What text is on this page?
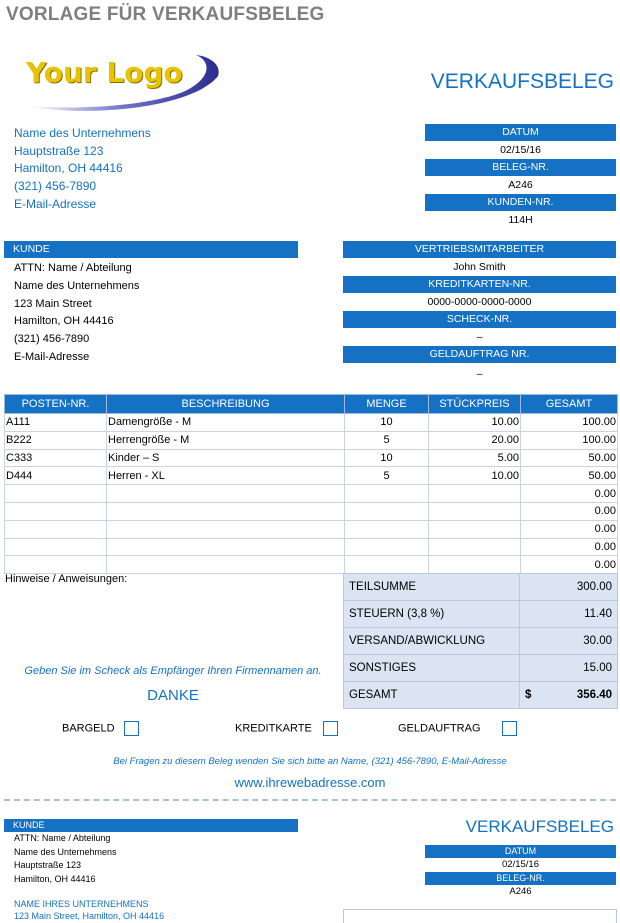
VORLAGE FÜR VERKAUFSBELEG
Your Logo	VERKAUFSBELEG
Name des Unternehmens
Hauptstraße 123
Hamilton, OH 44416
(321) 456-7890
E-Mail-Adresse
DATUM
02/15/16
BELEG-NR.
A246
KUNDEN-NR.
114H
KUNDE
ATTN: Name / Abteilung
Name des Unternehmens
123 Main Street
Hamilton, OH 44416
(321) 456-7890
E-Mail-Adresse
VERTRIEBSMITARBEITER
John Smith
KREDITKARTEN-NR.
0000-0000-0000-0000
SCHECK-NR.
–
GELDAUFTRAG NR.
–
POSTEN-NR.	BESCHREIBUNG	MENGE	STÜCKPREIS	GESAMT
A111	Damengröße - M	10	10.00	100.00
B222	Herrengröße - M	5	20.00	100.00
C333	Kinder – S	10	5.00	50.00
D444	Herren - XL	5	10.00	50.00
				0.00
				0.00
				0.00
				0.00
				0.00
Hinweise / Anweisungen:
Geben Sie im Scheck als Empfänger Ihren Firmennamen an.
DANKE
TEILSUMME	300.00
STEUERN (3,8 %)	11.40
VERSAND/ABWICKLUNG	30.00
SONSTIGES	15.00
GESAMT	$ 356.40
BARGELD	KREDITKARTE	GELDAUFTRAG
Bei Fragen zu diesem Beleg wenden Sie sich bitte an Name, (321) 456-7890, E-Mail-Adresse
www.ihrewebadresse.com
KUNDE
ATTN: Name / Abteilung
Name des Unternehmens
Hauptstraße 123
Hamilton, OH 44416
NAME IHRES UNTERNEHMENS
123 Main Street, Hamilton, OH 44416
VERKAUFSBELEG
DATUM
02/15/16
BELEG-NR.
A246
